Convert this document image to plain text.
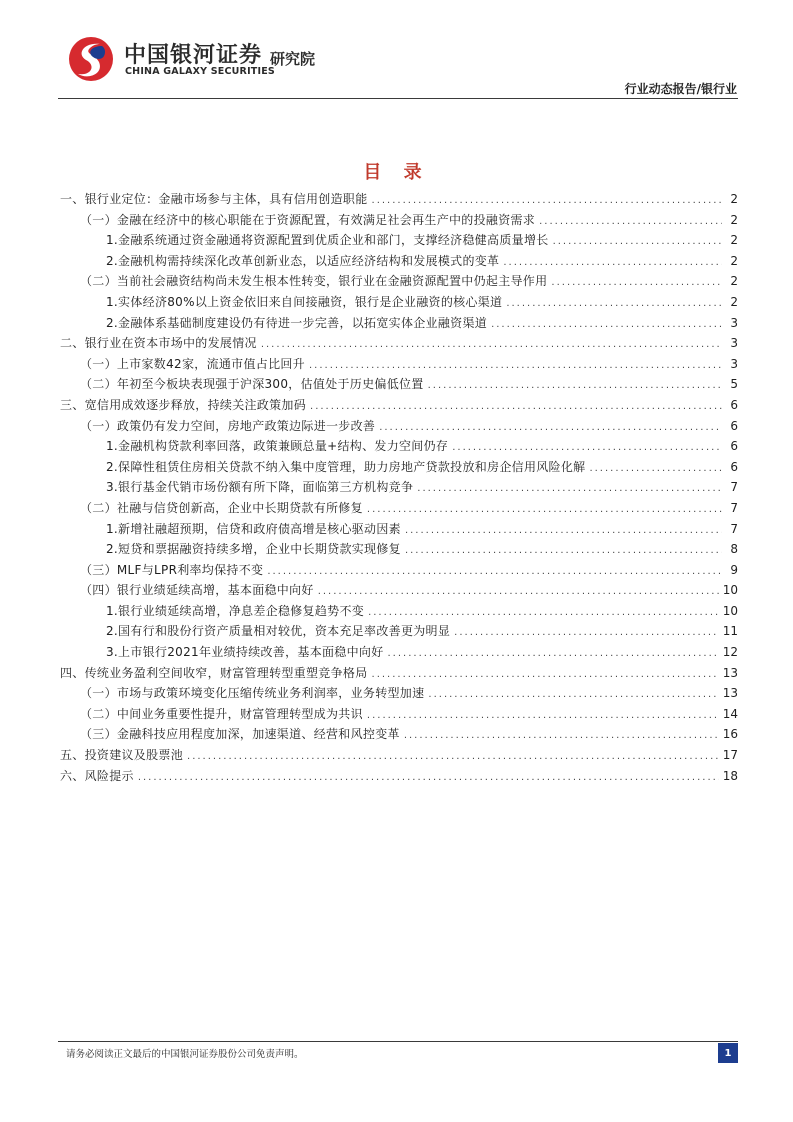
中国银河证券
CHINA GALAXY SECURITIES
研究院
行业动态报告/银行业
目 录
一、银行业定位：金融市场参与主体，具有信用创造职能 .....	2
（一）金融在经济中的核心职能在于资源配置，有效满足社会再生产中的投融资需求 .....	2
1.金融系统通过资金融通将资源配置到优质企业和部门，支撑经济稳健高质量增长 .....	2
2.金融机构需持续深化改革创新业态，以适应经济结构和发展模式的变革 .....	2
（二）当前社会融资结构尚未发生根本性转变，银行业在金融资源配置中仍起主导作用 .....	2
1.实体经济80%以上资金依旧来自间接融资，银行是企业融资的核心渠道 .....	2
2.金融体系基础制度建设仍有待进一步完善，以拓宽实体企业融资渠道 .....	3
二、银行业在资本市场中的发展情况 .....	3
（一）上市家数42家，流通市值占比回升 .....	3
（二）年初至今板块表现强于沪深300，估值处于历史偏低位置 .....	5
三、宽信用成效逐步释放，持续关注政策加码 .....	6
（一）政策仍有发力空间，房地产政策边际进一步改善 .....	6
1.金融机构贷款利率回落，政策兼顾总量+结构、发力空间仍存 .....	6
2.保障性租赁住房相关贷款不纳入集中度管理，助力房地产贷款投放和房企信用风险化解 .....	6
3.银行基金代销市场份额有所下降，面临第三方机构竞争 .....	7
（二）社融与信贷创新高，企业中长期贷款有所修复 .....	7
1.新增社融超预期，信贷和政府债高增是核心驱动因素 .....	7
2.短贷和票据融资持续多增，企业中长期贷款实现修复 .....	8
（三）MLF与LPR利率均保持不变 .....	9
（四）银行业绩延续高增，基本面稳中向好 .....	10
1.银行业绩延续高增，净息差企稳修复趋势不变 .....	10
2.国有行和股份行资产质量相对较优，资本充足率改善更为明显 .....	11
3.上市银行2021年业绩持续改善，基本面稳中向好 .....	12
四、传统业务盈利空间收窄，财富管理转型重塑竞争格局 .....	13
（一）市场与政策环境变化压缩传统业务利润率，业务转型加速 .....	13
（二）中间业务重要性提升，财富管理转型成为共识 .....	14
（三）金融科技应用程度加深，加速渠道、经营和风控变革 .....	16
五、投资建议及股票池 .....	17
六、风险提示 .....	18
请务必阅读正文最后的中国银河证券股份公司免责声明。	1
